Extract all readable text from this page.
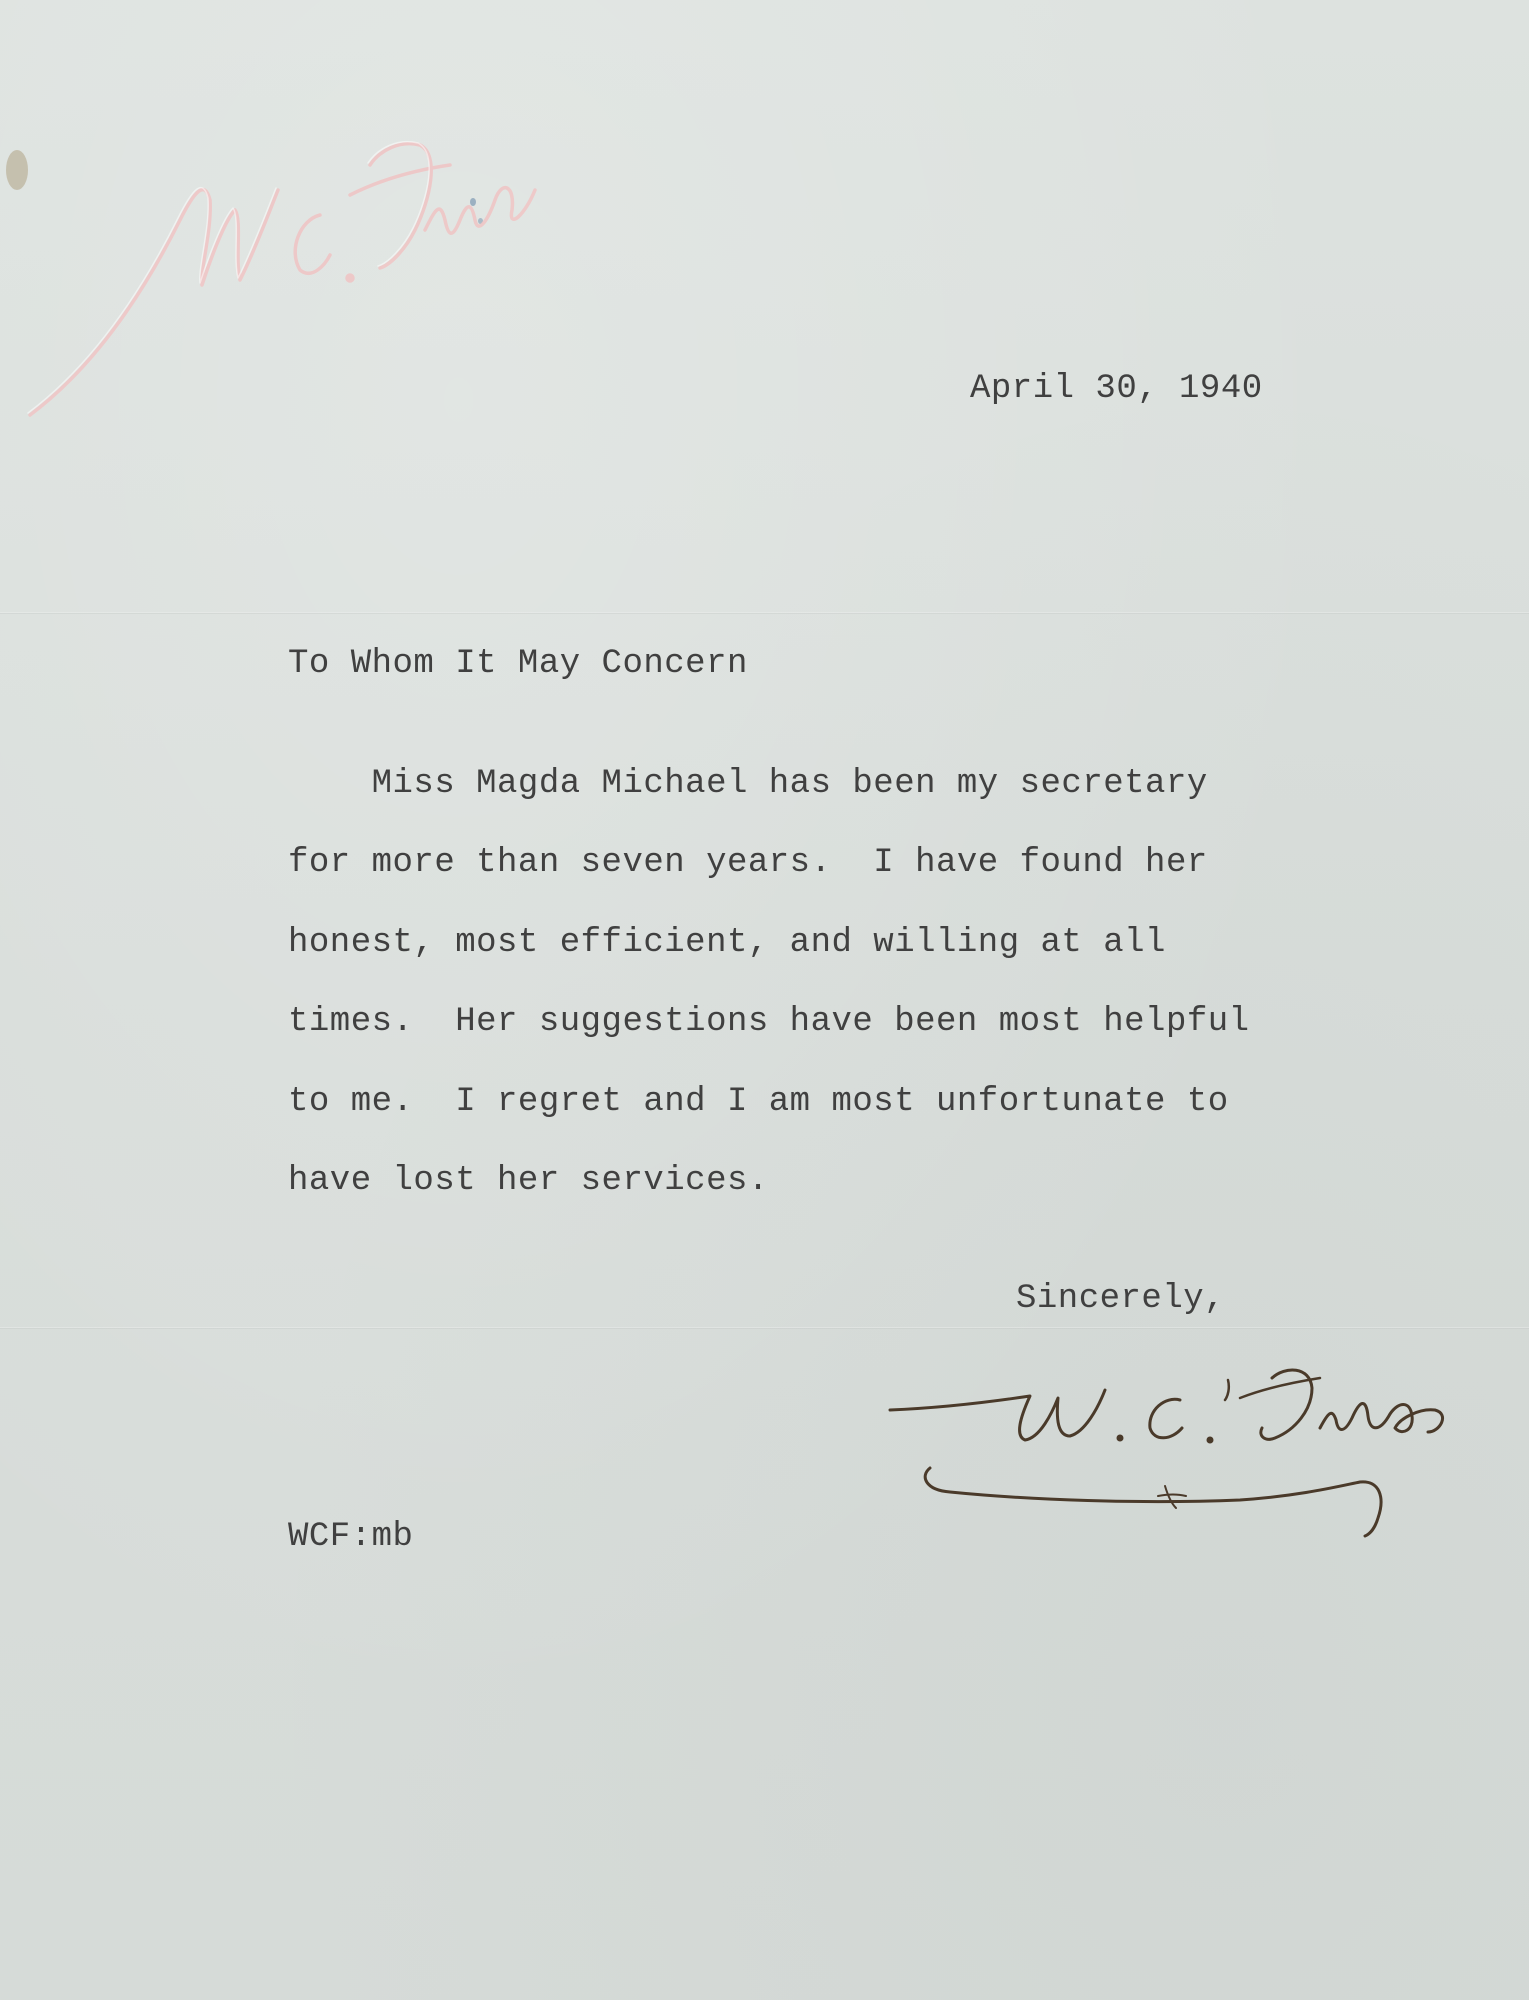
April 30, 1940

To Whom It May Concern

Miss Magda Michael has been my secretary

for more than seven years.  I have found her

honest, most efficient, and willing at all

times.  Her suggestions have been most helpful

to me.  I regret and I am most unfortunate to

have lost her services.

Sincerely,

WCF:mb
